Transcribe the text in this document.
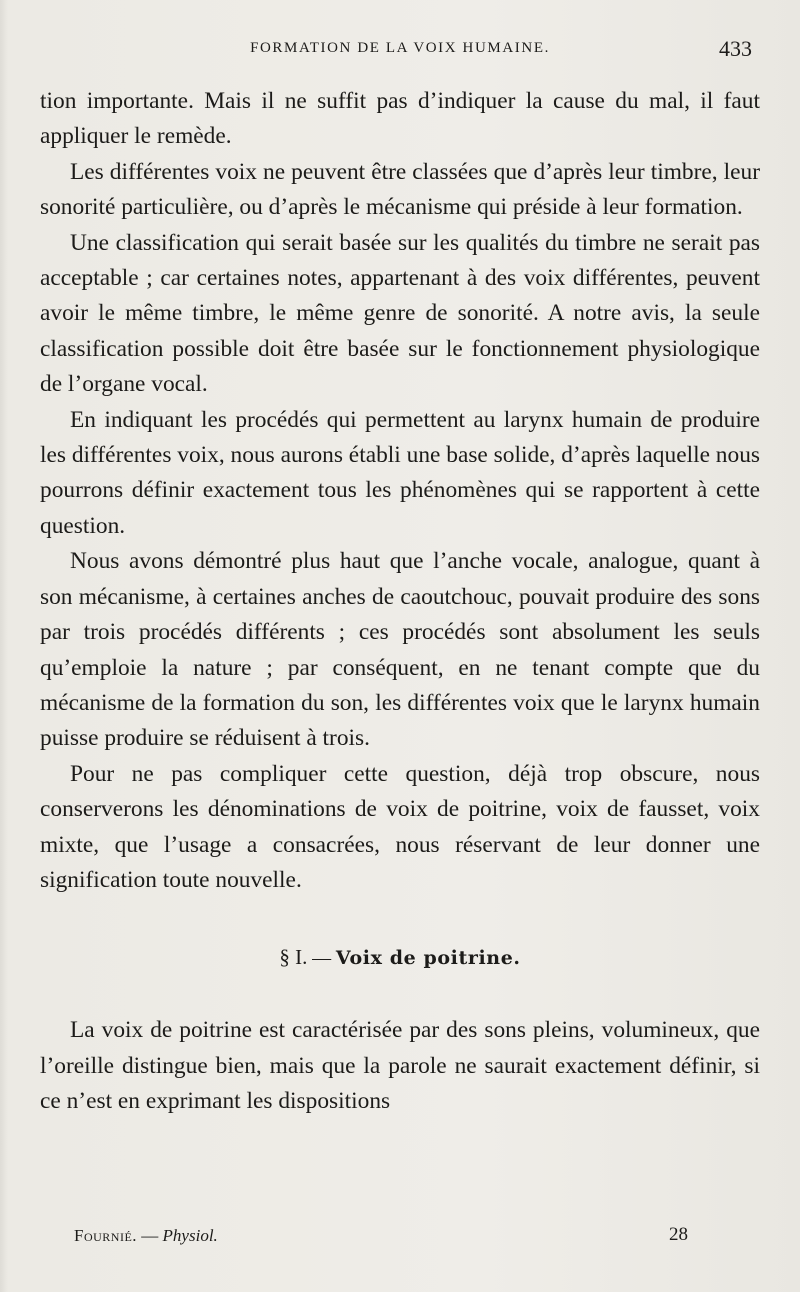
FORMATION DE LA VOIX HUMAINE.	433

tion importante. Mais il ne suffit pas d’indiquer la cause du mal, il faut appliquer le remède.

Les différentes voix ne peuvent être classées que d’après leur timbre, leur sonorité particulière, ou d’après le mécanisme qui préside à leur formation.

Une classification qui serait basée sur les qualités du timbre ne serait pas acceptable ; car certaines notes, appartenant à des voix différentes, peuvent avoir le même timbre, le même genre de sonorité. A notre avis, la seule classification possible doit être basée sur le fonctionnement physiologique de l’organe vocal.

En indiquant les procédés qui permettent au larynx humain de produire les différentes voix, nous aurons établi une base solide, d’après laquelle nous pourrons définir exactement tous les phénomènes qui se rapportent à cette question.

Nous avons démontré plus haut que l’anche vocale, analogue, quant à son mécanisme, à certaines anches de caoutchouc, pouvait produire des sons par trois procédés différents ; ces procédés sont absolument les seuls qu’emploie la nature ; par conséquent, en ne tenant compte que du mécanisme de la formation du son, les différentes voix que le larynx humain puisse produire se réduisent à trois.

Pour ne pas compliquer cette question, déjà trop obscure, nous conserverons les dénominations de voix de poitrine, voix de fausset, voix mixte, que l’usage a consacrées, nous réservant de leur donner une signification toute nouvelle.

§ I. — Voix de poitrine.

La voix de poitrine est caractérisée par des sons pleins, volumineux, que l’oreille distingue bien, mais que la parole ne saurait exactement définir, si ce n’est en exprimant les dispositions

Fournié. — Physiol.	28
